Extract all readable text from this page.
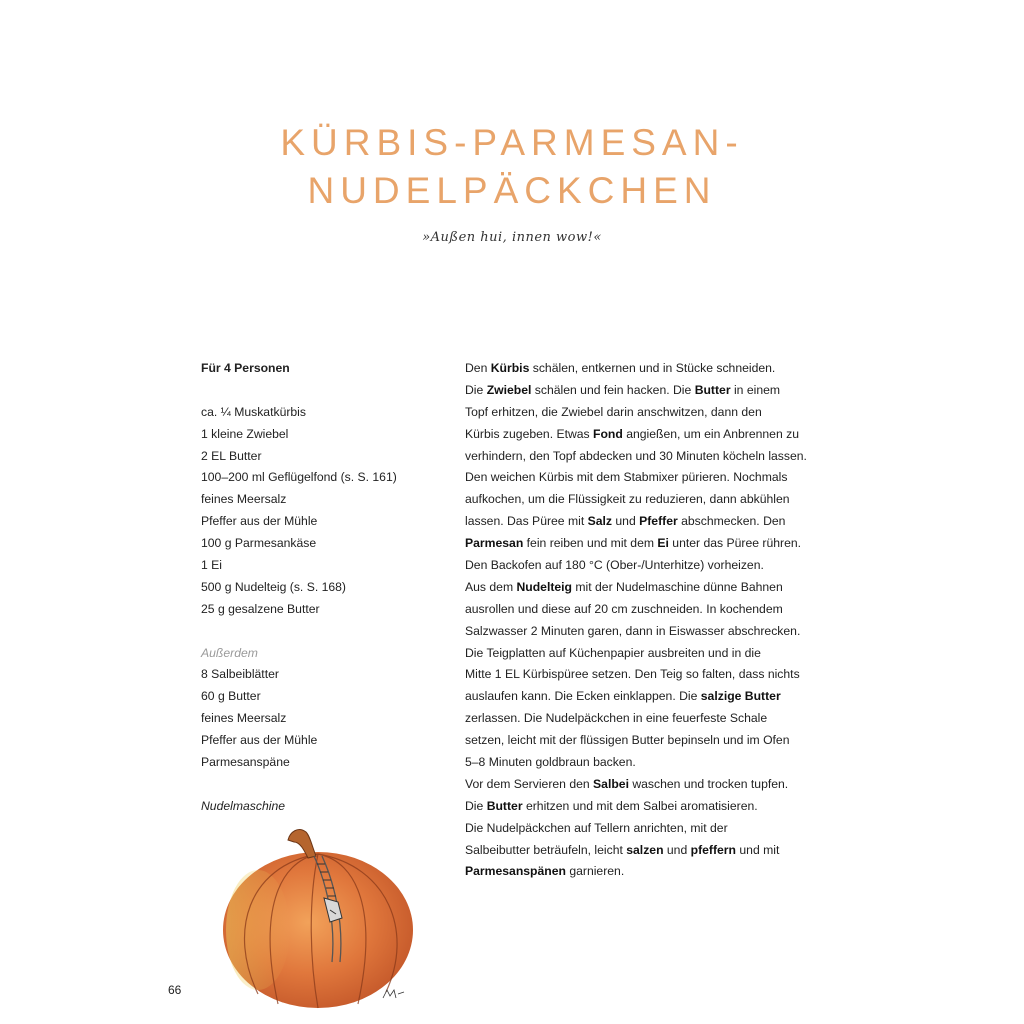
KÜRBIS-PARMESAN-
NUDELPÄCKCHEN
»Außen hui, innen wow!«
Für 4 Personen
ca. ¼ Muskatkürbis
1 kleine Zwiebel
2 EL Butter
100–200 ml Geflügelfond (s. S. 161)
feines Meersalz
Pfeffer aus der Mühle
100 g Parmesankäse
1 Ei
500 g Nudelteig (s. S. 168)
25 g gesalzene Butter
Außerdem
8 Salbeiblätter
60 g Butter
feines Meersalz
Pfeffer aus der Mühle
Parmesanspäne
Nudelmaschine
Den Kürbis schälen, entkernen und in Stücke schneiden.
Die Zwiebel schälen und fein hacken. Die Butter in einem
Topf erhitzen, die Zwiebel darin anschwitzen, dann den
Kürbis zugeben. Etwas Fond angießen, um ein Anbrennen zu
verhindern, den Topf abdecken und 30 Minuten köcheln lassen.
Den weichen Kürbis mit dem Stabmixer pürieren. Nochmals
aufkochen, um die Flüssigkeit zu reduzieren, dann abkühlen
lassen. Das Püree mit Salz und Pfeffer abschmecken. Den
Parmesan fein reiben und mit dem Ei unter das Püree rühren.
Den Backofen auf 180 °C (Ober-/Unterhitze) vorheizen.
Aus dem Nudelteig mit der Nudelmaschine dünne Bahnen
ausrollen und diese auf 20 cm zuschneiden. In kochendem
Salzwasser 2 Minuten garen, dann in Eiswasser abschrecken.
Die Teigplatten auf Küchenpapier ausbreiten und in die
Mitte 1 EL Kürbispüree setzen. Den Teig so falten, dass nichts
auslaufen kann. Die Ecken einklappen. Die salzige Butter
zerlassen. Die Nudelpäckchen in eine feuerfeste Schale
setzen, leicht mit der flüssigen Butter bepinseln und im Ofen
5–8 Minuten goldbraun backen.
Vor dem Servieren den Salbei waschen und trocken tupfen.
Die Butter erhitzen und mit dem Salbei aromatisieren.
Die Nudelpäckchen auf Tellern anrichten, mit der
Salbeibutter beträufeln, leicht salzen und pfeffern und mit
Parmesanspänen garnieren.
66
